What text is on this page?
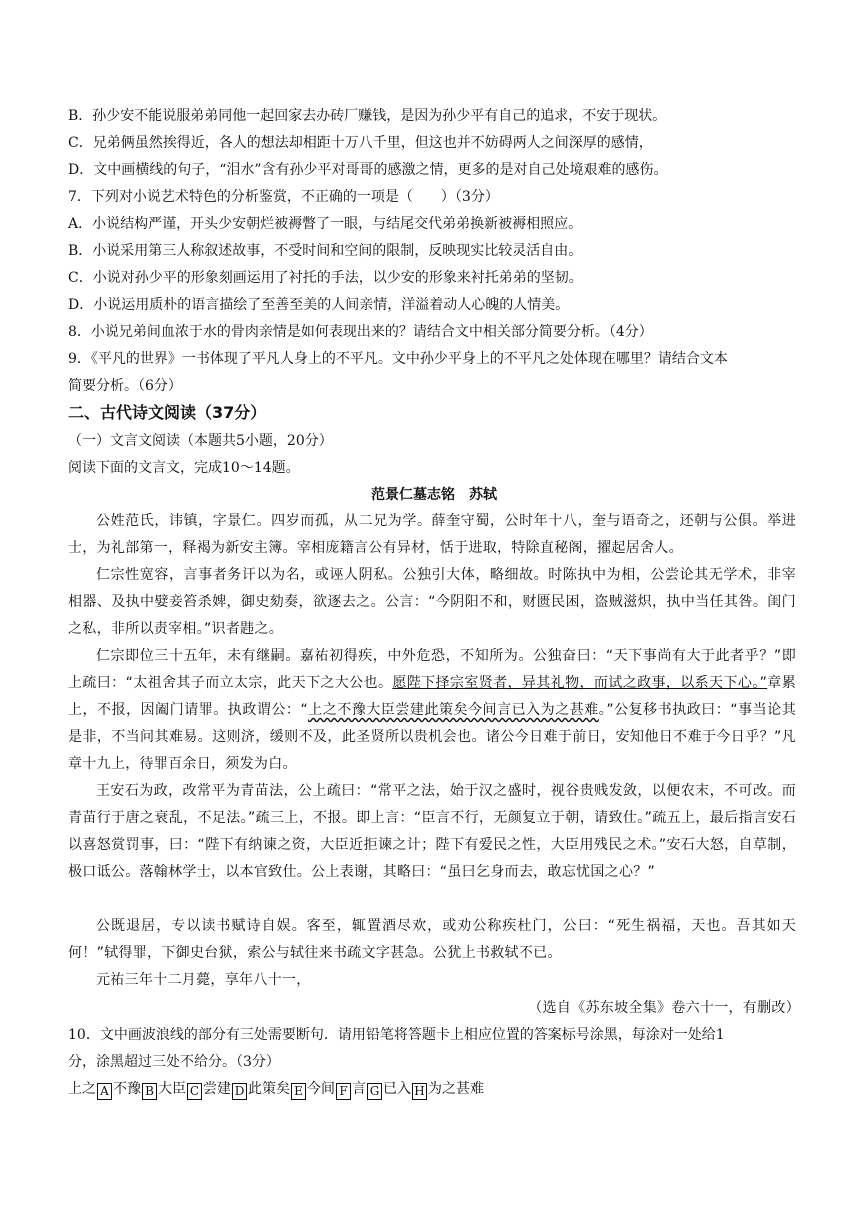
B．孙少安不能说服弟弟同他一起回家去办砖厂赚钱，是因为孙少平有自己的追求，不安于现状。
C．兄弟俩虽然挨得近，各人的想法却相距十万八千里，但这也并不妨碍两人之间深厚的感情，
D．文中画横线的句子，“泪水”含有孙少平对哥哥的感激之情，更多的是对自己处境艰难的感伤。
7．下列对小说艺术特色的分析鉴赏，不正确的一项是（　　）（3分）
A．小说结构严谨，开头少安朝烂被褥瞥了一眼，与结尾交代弟弟换新被褥相照应。
B．小说采用第三人称叙述故事，不受时间和空间的限制，反映现实比较灵活自由。
C．小说对孙少平的形象刻画运用了衬托的手法，以少安的形象来衬托弟弟的坚韧。
D．小说运用质朴的语言描绘了至善至美的人间亲情，洋溢着动人心魄的人情美。
8．小说兄弟间血浓于水的骨肉亲情是如何表现出来的？请结合文中相关部分简要分析。（4分）
9．《平凡的世界》一书体现了平凡人身上的不平凡。文中孙少平身上的不平凡之处体现在哪里？请结合文本
简要分析。（6分）
二、古代诗文阅读（37分）
（一）文言文阅读（本题共5小题，20分）
阅读下面的文言文，完成10～14题。
范景仁墓志铭　苏轼
公姓范氏，讳镇，字景仁。四岁而孤，从二兄为学。薛奎守蜀，公时年十八，奎与语奇之，还朝与公俱。举进士，为礼部第一，释褐为新安主簿。宰相庞籍言公有异材，恬于进取，特除直秘阁，擢起居舍人。
仁宗性宽容，言事者务讦以为名，或诬人阴私。公独引大体，略细故。时陈执中为相，公尝论其无学术，非宰相器、及执中嬖妾笞杀婢，御史劾奏，欲逐去之。公言：“今阴阳不和，财匮民困，盗贼滋炽，执中当任其咎。闺门之私，非所以责宰相。”识者韪之。
仁宗即位三十五年，未有继嗣。嘉祐初得疾，中外危恐，不知所为。公独奋曰：“天下事尚有大于此者乎？”即上疏曰：“太祖舍其子而立太宗，此天下之大公也。愿陛下择宗室贤者，异其礼物，而试之政事，以系天下心。”章累上，不报，因阖门请罪。执政谓公：“上之不豫大臣尝建此策矣今间言已入为之甚难。”公复移书执政曰：“事当论其是非，不当问其难易。这则济，缓则不及，此圣贤所以贵机会也。诸公今日难于前日，安知他日不难于今日乎？”凡章十九上，待罪百余日，须发为白。
王安石为政，改常平为青苗法，公上疏曰：“常平之法，始于汉之盛时，视谷贵贱发敛，以便农末，不可改。而青苗行于唐之衰乱，不足法。”疏三上，不报。即上言：“臣言不行，无颜复立于朝，请致仕。”疏五上，最后指言安石以喜怒赏罚事，曰：“陛下有纳谏之资，大臣近拒谏之计；陛下有爱民之性，大臣用残民之术。”安石大怒，自草制，极口诋公。落翰林学士，以本官致仕。公上表谢，其略曰：“虽曰乞身而去，敢忘忧国之心？”
公既退居，专以读书赋诗自娱。客至，辄置酒尽欢，或劝公称疾杜门，公曰：“死生祸福，天也。吾其如天何！”轼得罪，下御史台狱，索公与轼往来书疏文字甚急。公犹上书救轼不已。
元祐三年十二月薨，享年八十一，
（选自《苏东坡全集》卷六十一，有删改）
10．文中画波浪线的部分有三处需要断句．请用铅笔将答题卡上相应位置的答案标号涂黑，每涂对一处给1
分，涂黑超过三处不给分。（3分）
上之 A 不豫 B 大臣 C 尝建 D 此策矣 E 今间 F 言 G 已入 H 为之甚难
